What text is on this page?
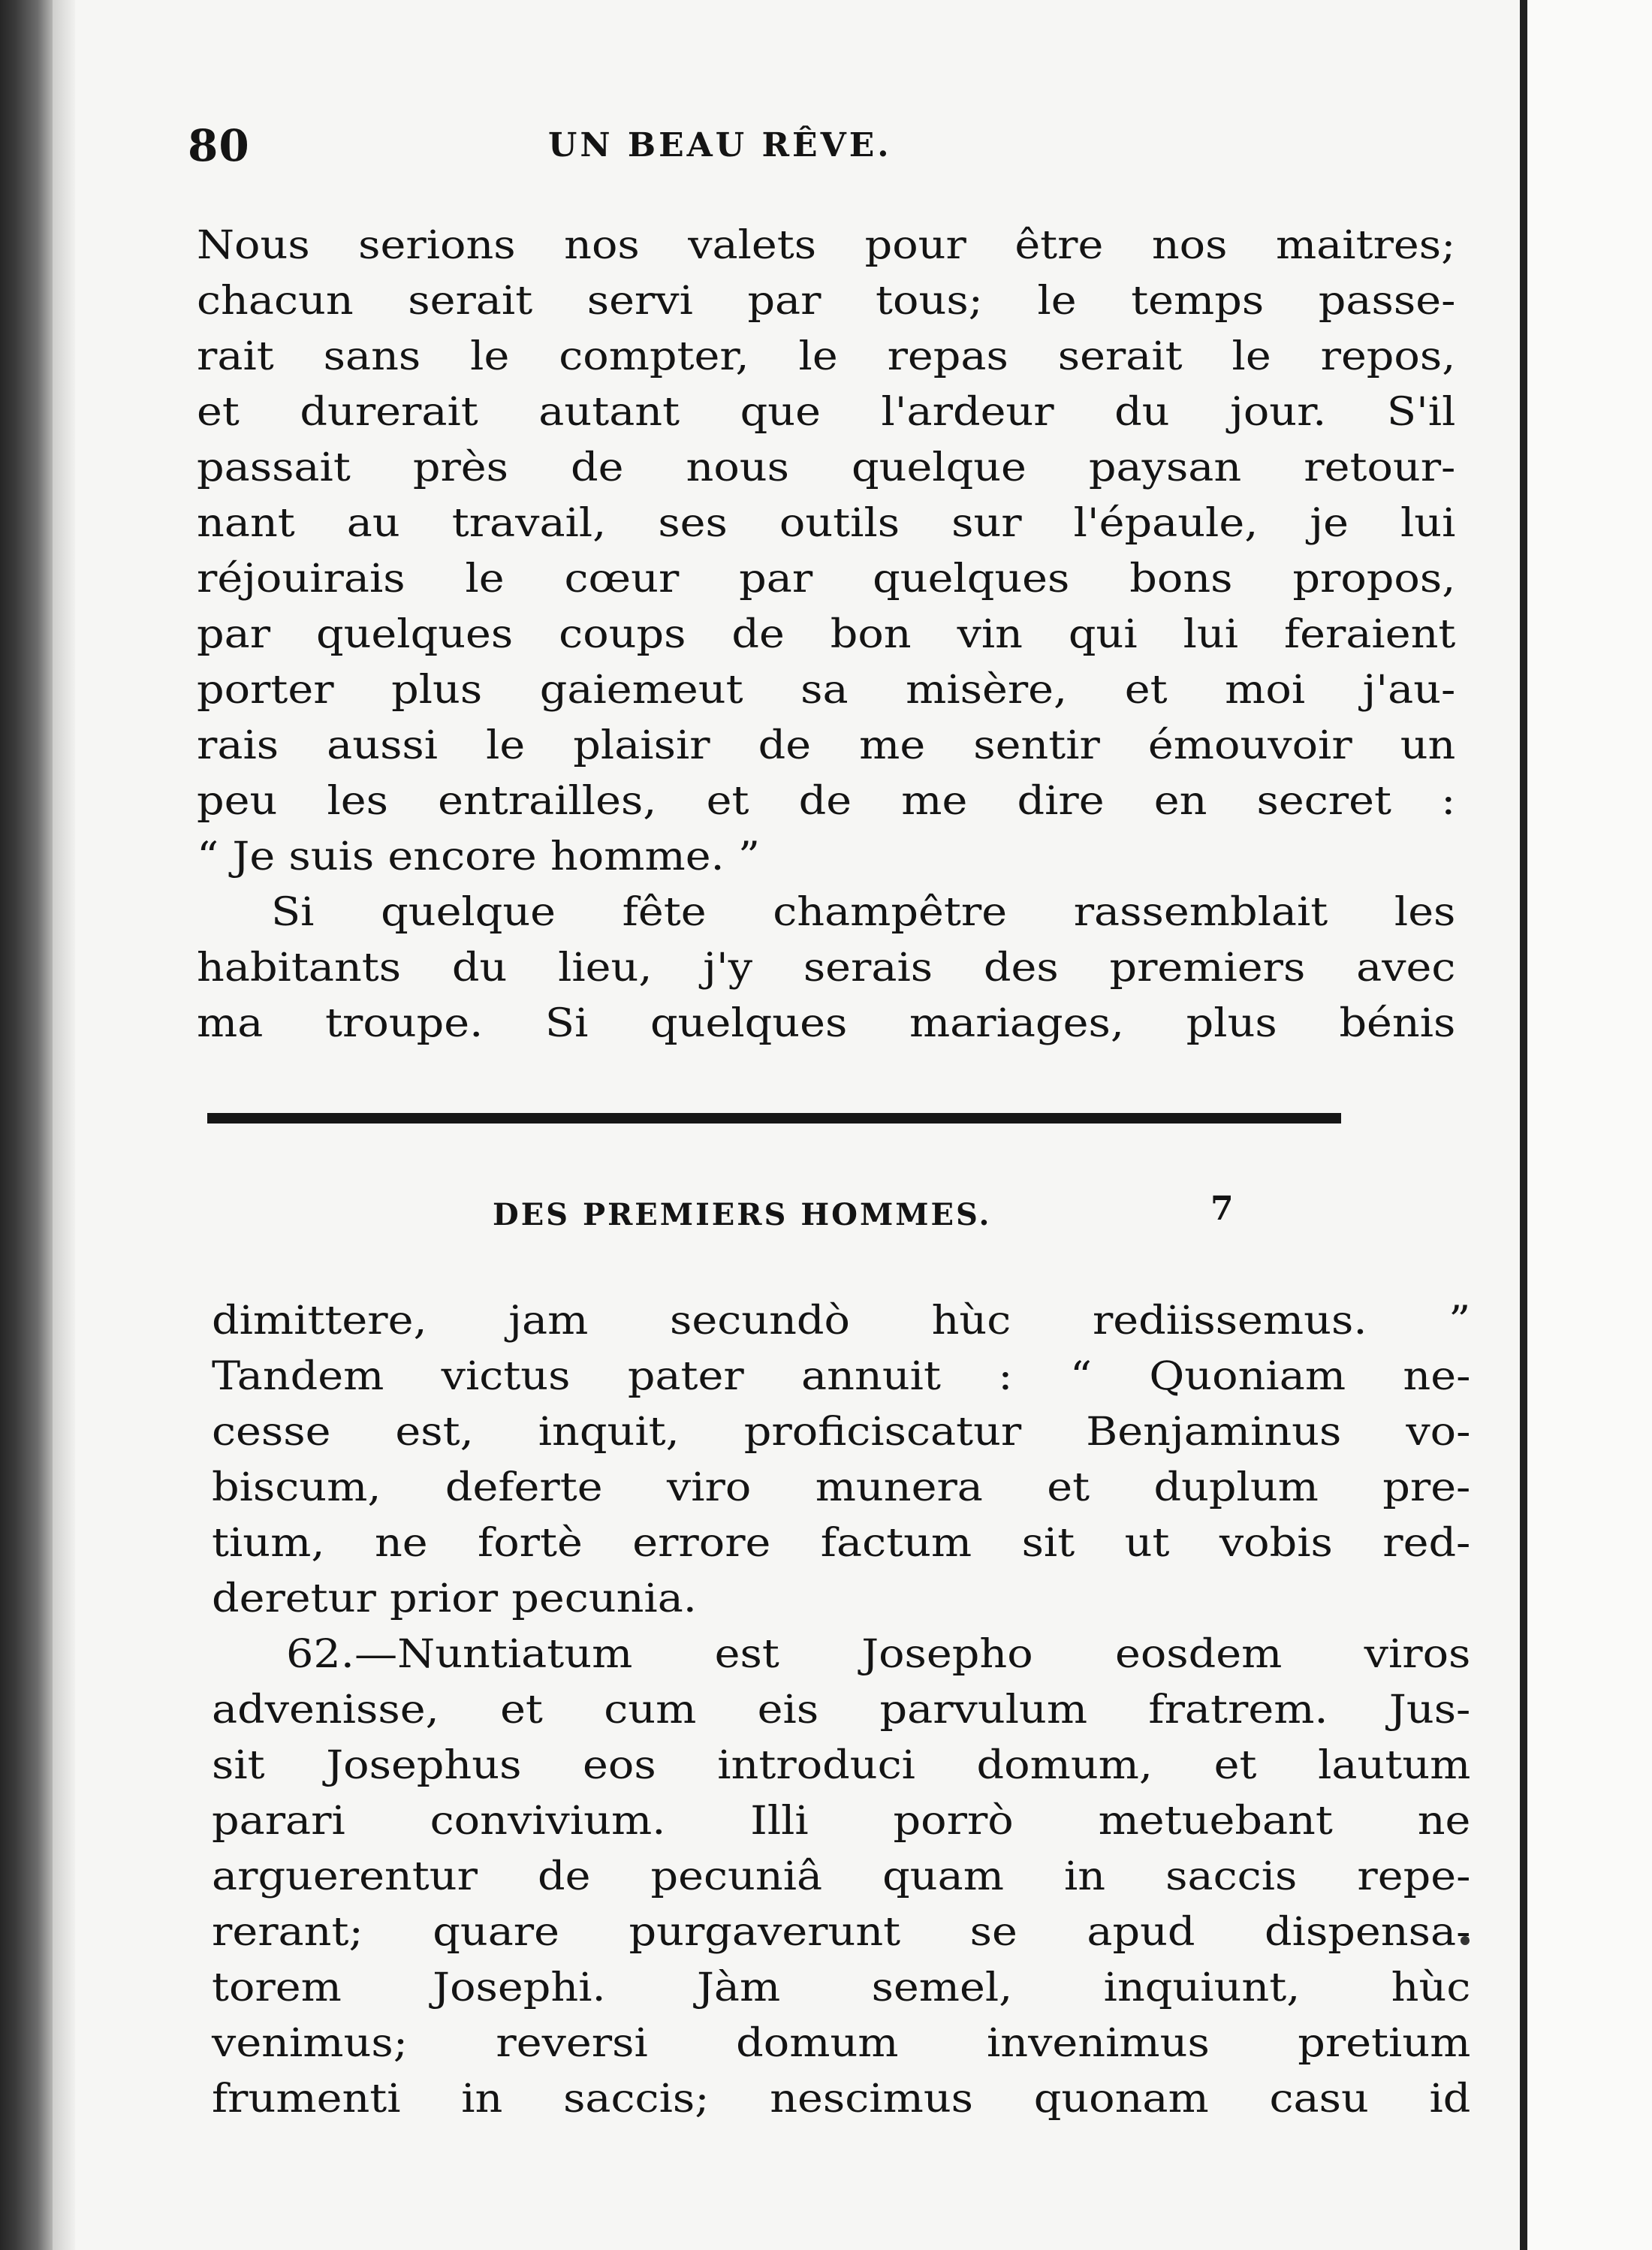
80	UN BEAU RÊVE.

Nous serions nos valets pour être nos maitres;
chacun serait servi par tous; le temps passe-
rait sans le compter, le repas serait le repos,
et durerait autant que l'ardeur du jour. S'il
passait près de nous quelque paysan retour-
nant au travail, ses outils sur l'épaule, je lui
réjouirais le cœur par quelques bons propos,
par quelques coups de bon vin qui lui feraient
porter plus gaiemeut sa misère, et moi j'au-
rais aussi le plaisir de me sentir émouvoir un
peu les entrailles, et de me dire en secret :
“ Je suis encore homme. ”

Si quelque fête champêtre rassemblait les
habitants du lieu, j'y serais des premiers avec
ma troupe. Si quelques mariages, plus bénis

DES PREMIERS HOMMES.	7

dimittere, jam secundò hùc rediissemus. ”
Tandem victus pater annuit : “ Quoniam ne-
cesse est, inquit, proficiscatur Benjaminus vo-
biscum, deferte viro munera et duplum pre-
tium, ne fortè errore factum sit ut vobis red-
deretur prior pecunia.

62.—Nuntiatum est Josepho eosdem viros
advenisse, et cum eis parvulum fratrem. Jus-
sit Josephus eos introduci domum, et lautum
parari convivium. Illi porrò metuebant ne
arguerentur de pecuniâ quam in saccis repe-
rerant; quare purgaverunt se apud dispensa-
torem Josephi. Jàm semel, inquiunt, hùc
venimus; reversi domum invenimus pretium
frumenti in saccis; nescimus quonam casu id
